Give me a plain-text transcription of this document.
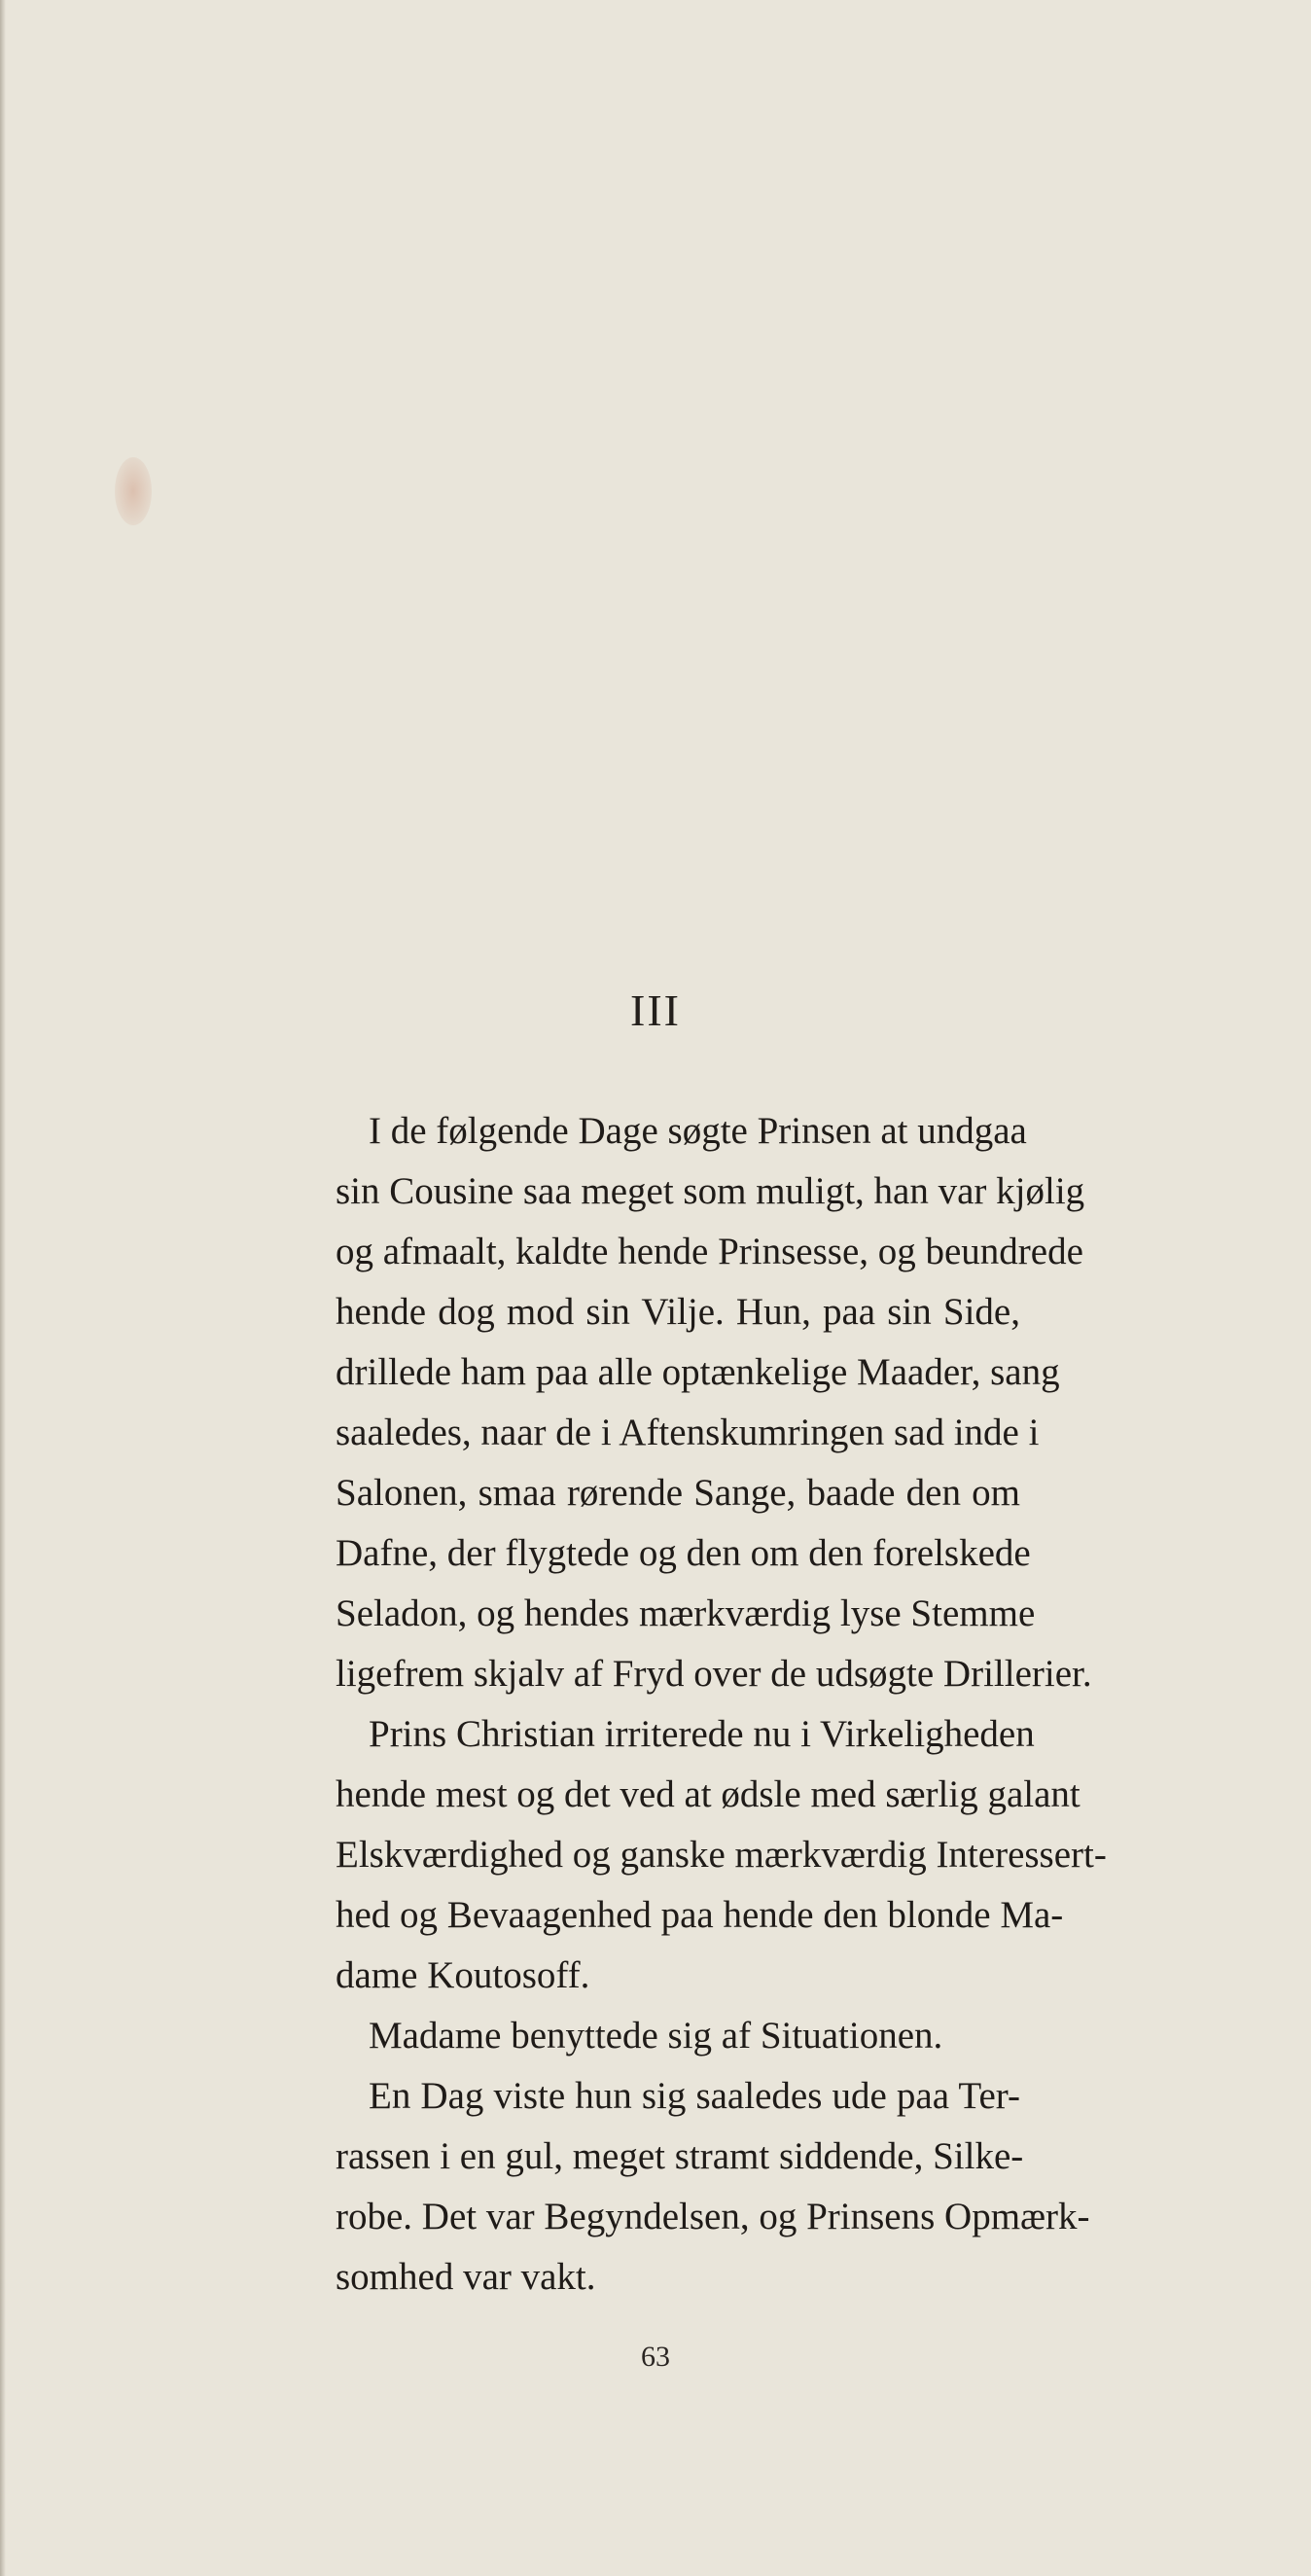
III
I de følgende Dage søgte Prinsen at undgaa
sin Cousine saa meget som muligt, han var kjølig
og afmaalt, kaldte hende Prinsesse, og beundrede
hende dog mod sin Vilje. Hun, paa sin Side,
drillede ham paa alle optænkelige Maader, sang
saaledes, naar de i Aftenskumringen sad inde i
Salonen, smaa rørende Sange, baade den om
Dafne, der flygtede og den om den forelskede
Seladon, og hendes mærkværdig lyse Stemme
ligefrem skjalv af Fryd over de udsøgte Drillerier.
Prins Christian irriterede nu i Virkeligheden
hende mest og det ved at ødsle med særlig galant
Elskværdighed og ganske mærkværdig Interessert-
hed og Bevaagenhed paa hende den blonde Ma-
dame Koutosoff.
Madame benyttede sig af Situationen.
En Dag viste hun sig saaledes ude paa Ter-
rassen i en gul, meget stramt siddende, Silke-
robe. Det var Begyndelsen, og Prinsens Opmærk-
somhed var vakt.
63
